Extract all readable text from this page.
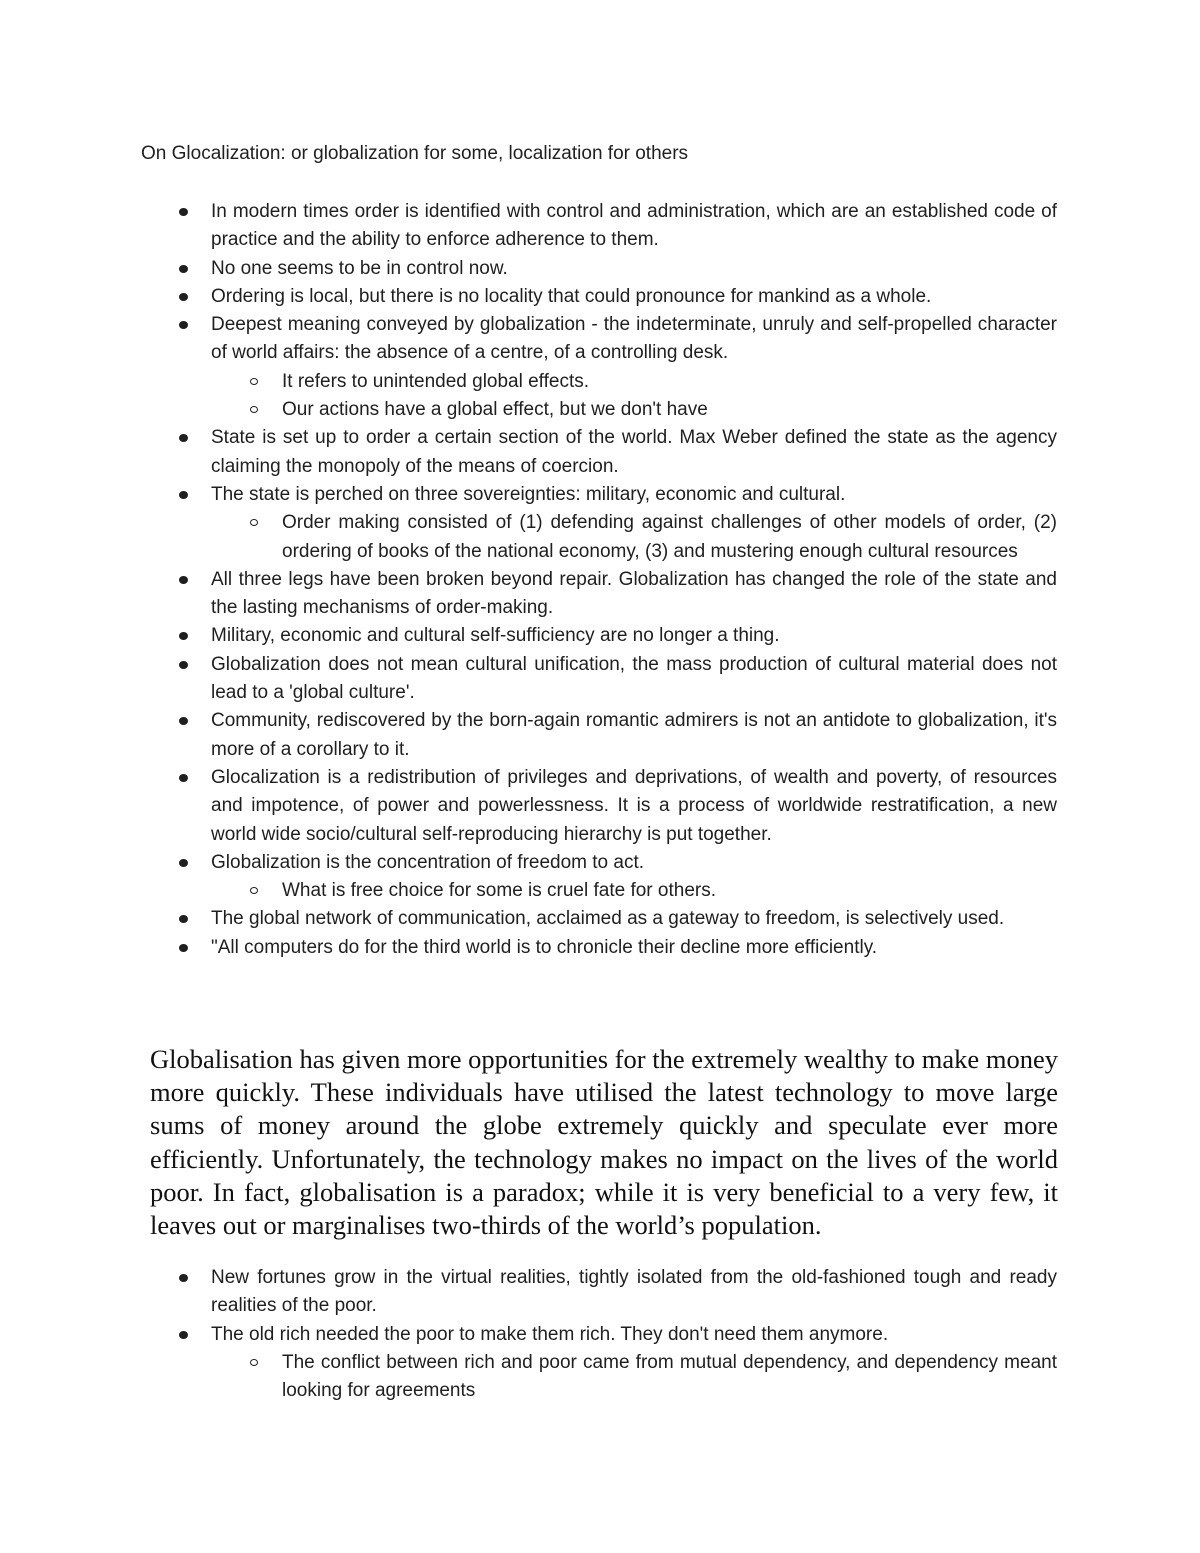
On Glocalization: or globalization for some, localization for others
In modern times order is identified with control and administration, which are an established code of practice and the ability to enforce adherence to them.
No one seems to be in control now.
Ordering is local, but there is no locality that could pronounce for mankind as a whole.
Deepest meaning conveyed by globalization - the indeterminate, unruly and self-propelled character of world affairs: the absence of a centre, of a controlling desk.
It refers to unintended global effects.
Our actions have a global effect, but we don't have
State is set up to order a certain section of the world. Max Weber defined the state as the agency claiming the monopoly of the means of coercion.
The state is perched on three sovereignties: military, economic and cultural.
Order making consisted of (1) defending against challenges of other models of order, (2) ordering of books of the national economy, (3) and mustering enough cultural resources
All three legs have been broken beyond repair. Globalization has changed the role of the state and the lasting mechanisms of order-making.
Military, economic and cultural self-sufficiency are no longer a thing.
Globalization does not mean cultural unification, the mass production of cultural material does not lead to a 'global culture'.
Community, rediscovered by the born-again romantic admirers is not an antidote to globalization, it's more of a corollary to it.
Glocalization is a redistribution of privileges and deprivations, of wealth and poverty, of resources and impotence, of power and powerlessness. It is a process of worldwide restratification, a new world wide socio/cultural self-reproducing hierarchy is put together.
Globalization is the concentration of freedom to act.
What is free choice for some is cruel fate for others.
The global network of communication, acclaimed as a gateway to freedom, is selectively used.
"All computers do for the third world is to chronicle their decline more efficiently.

Globalisation has given more opportunities for the extremely wealthy to make money more quickly. These individuals have utilised the latest technology to move large sums of money around the globe extremely quickly and speculate ever more efficiently. Unfortunately, the technology makes no impact on the lives of the world poor. In fact, globalisation is a paradox; while it is very beneficial to a very few, it leaves out or marginalises two-thirds of the world’s population.

New fortunes grow in the virtual realities, tightly isolated from the old-fashioned tough and ready realities of the poor.
The old rich needed the poor to make them rich. They don't need them anymore.
The conflict between rich and poor came from mutual dependency, and dependency meant looking for agreements
